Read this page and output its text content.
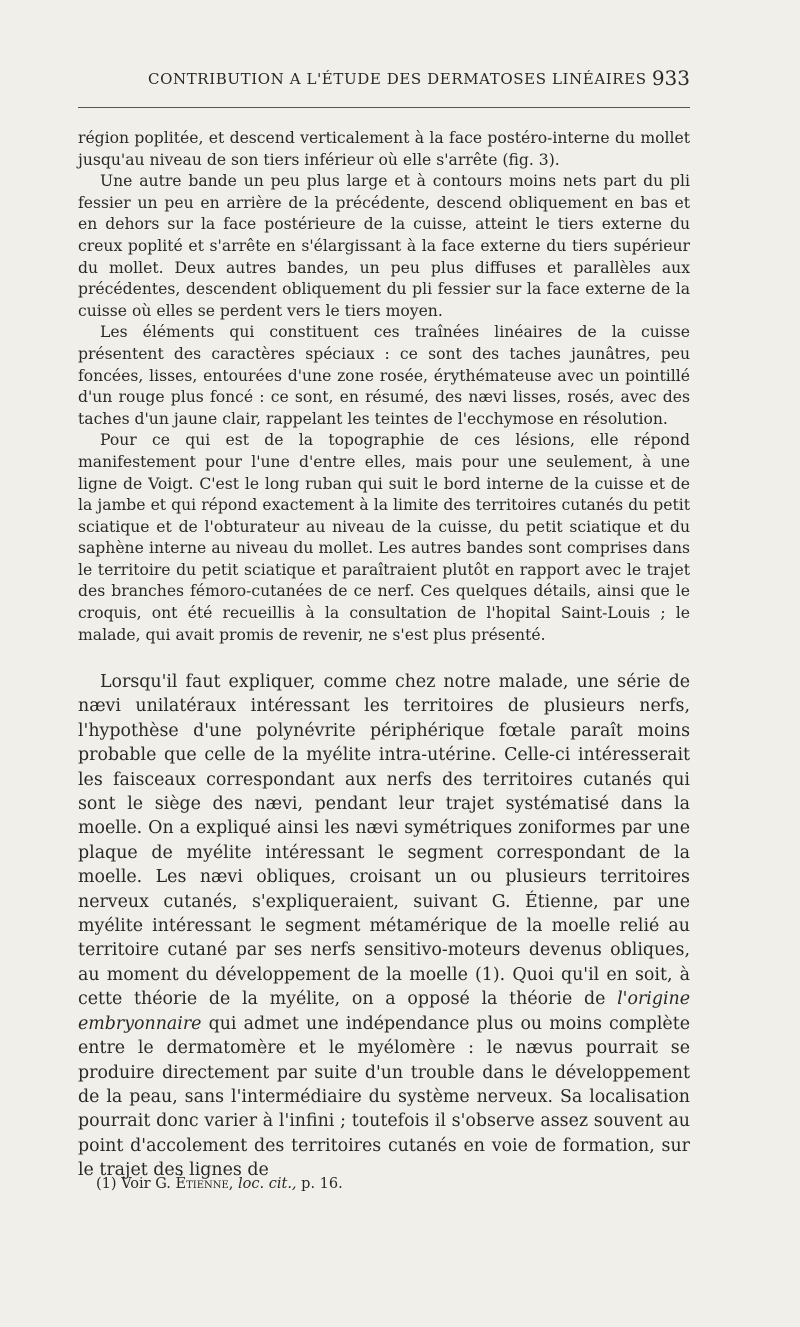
CONTRIBUTION A L'ÉTUDE DES DERMATOSES LINÉAIRES 933

région poplitée, et descend verticalement à la face postéro-interne du mollet jusqu'au niveau de son tiers inférieur où elle s'arrête (fig. 3).

Une autre bande un peu plus large et à contours moins nets part du pli fessier un peu en arrière de la précédente, descend obliquement en bas et en dehors sur la face postérieure de la cuisse, atteint le tiers externe du creux poplité et s'arrête en s'élargissant à la face externe du tiers supérieur du mollet. Deux autres bandes, un peu plus diffuses et parallèles aux précédentes, descendent obliquement du pli fessier sur la face externe de la cuisse où elles se perdent vers le tiers moyen.

Les éléments qui constituent ces traînées linéaires de la cuisse présentent des caractères spéciaux : ce sont des taches jaunâtres, peu foncées, lisses, entourées d'une zone rosée, érythémateuse avec un pointillé d'un rouge plus foncé : ce sont, en résumé, des nævi lisses, rosés, avec des taches d'un jaune clair, rappelant les teintes de l'ecchymose en résolution.

Pour ce qui est de la topographie de ces lésions, elle répond manifestement pour l'une d'entre elles, mais pour une seulement, à une ligne de Voigt. C'est le long ruban qui suit le bord interne de la cuisse et de la jambe et qui répond exactement à la limite des territoires cutanés du petit sciatique et de l'obturateur au niveau de la cuisse, du petit sciatique et du saphène interne au niveau du mollet. Les autres bandes sont comprises dans le territoire du petit sciatique et paraîtraient plutôt en rapport avec le trajet des branches fémoro-cutanées de ce nerf. Ces quelques détails, ainsi que le croquis, ont été recueillis à la consultation de l'hopital Saint-Louis ; le malade, qui avait promis de revenir, ne s'est plus présenté.

Lorsqu'il faut expliquer, comme chez notre malade, une série de nævi unilatéraux intéressant les territoires de plusieurs nerfs, l'hypothèse d'une polynévrite périphérique fœtale paraît moins probable que celle de la myélite intra-utérine. Celle-ci intéresserait les faisceaux correspondant aux nerfs des territoires cutanés qui sont le siège des nævi, pendant leur trajet systématisé dans la moelle. On a expliqué ainsi les nævi symétriques zoniformes par une plaque de myélite intéressant le segment correspondant de la moelle. Les nævi obliques, croisant un ou plusieurs territoires nerveux cutanés, s'expliqueraient, suivant G. Étienne, par une myélite intéressant le segment métamérique de la moelle relié au territoire cutané par ses nerfs sensitivo-moteurs devenus obliques, au moment du développement de la moelle (1). Quoi qu'il en soit, à cette théorie de la myélite, on a opposé la théorie de l'origine embryonnaire qui admet une indépendance plus ou moins complète entre le dermatomère et le myélomère : le nævus pourrait se produire directement par suite d'un trouble dans le développement de la peau, sans l'intermédiaire du système nerveux. Sa localisation pourrait donc varier à l'infini ; toutefois il s'observe assez souvent au point d'accolement des territoires cutanés en voie de formation, sur le trajet des lignes de

(1) Voir G. Étienne, loc. cit., p. 16.
